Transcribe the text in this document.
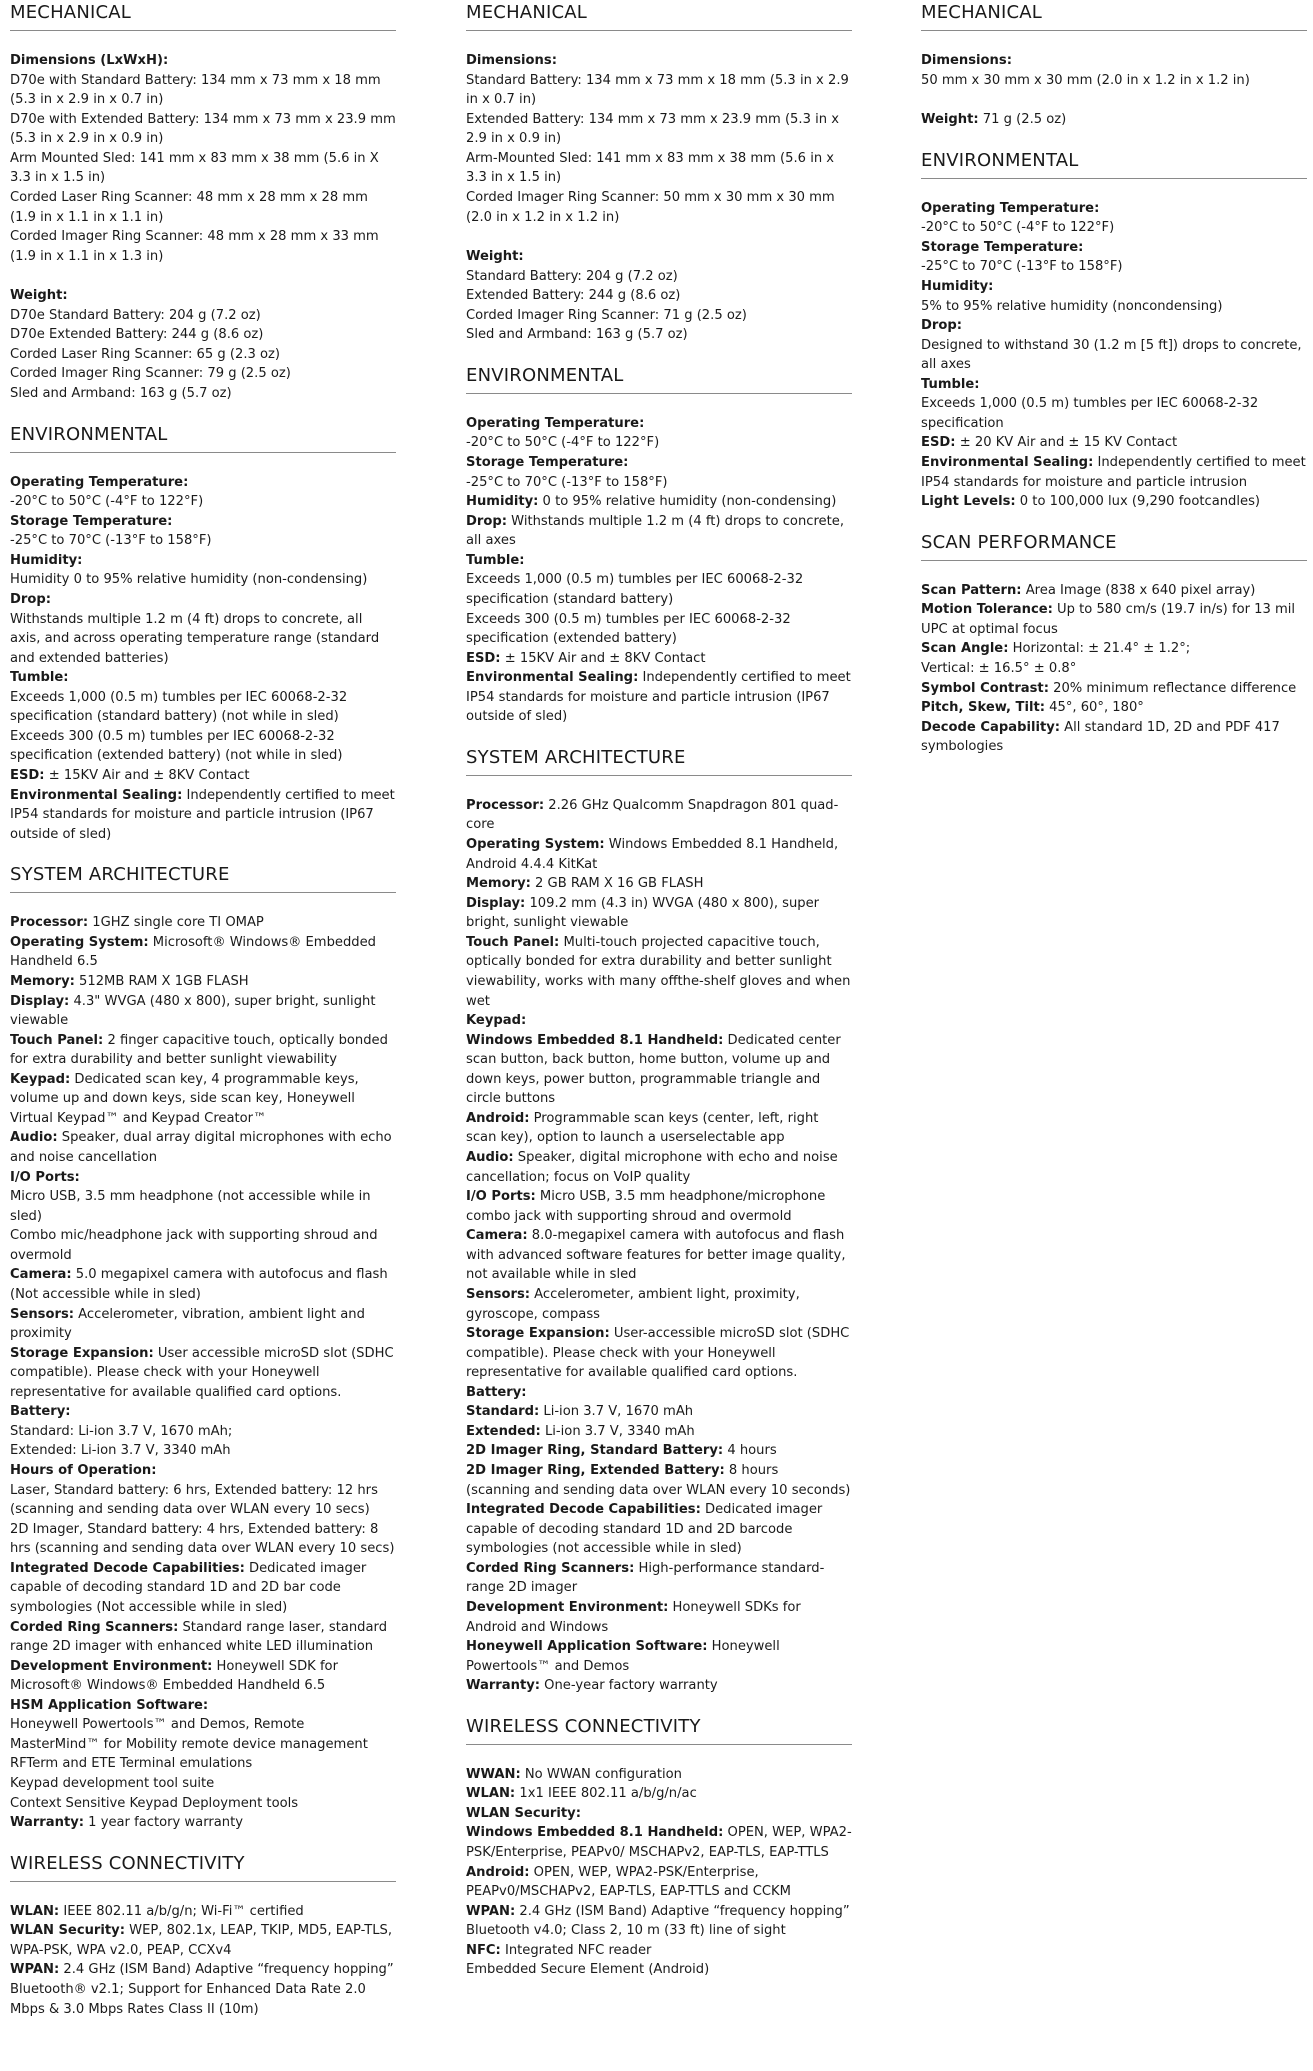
MECHANICAL
Dimensions (LxWxH):
D70e with Standard Battery: 134 mm x 73 mm x 18 mm (5.3 in x 2.9 in x 0.7 in)
D70e with Extended Battery: 134 mm x 73 mm x 23.9 mm (5.3 in x 2.9 in x 0.9 in)
Arm Mounted Sled: 141 mm x 83 mm x 38 mm (5.6 in X 3.3 in x 1.5 in)
Corded Laser Ring Scanner: 48 mm x 28 mm x 28 mm (1.9 in x 1.1 in x 1.1 in)
Corded Imager Ring Scanner: 48 mm x 28 mm x 33 mm (1.9 in x 1.1 in x 1.3 in)
Weight:
D70e Standard Battery: 204 g (7.2 oz)
D70e Extended Battery: 244 g (8.6 oz)
Corded Laser Ring Scanner: 65 g (2.3 oz)
Corded Imager Ring Scanner: 79 g (2.5 oz)
Sled and Armband: 163 g (5.7 oz)
ENVIRONMENTAL
Operating Temperature:
-20°C to 50°C (-4°F to 122°F)
Storage Temperature:
-25°C to 70°C (-13°F to 158°F)
Humidity:
Humidity 0 to 95% relative humidity (non-condensing)
Drop:
Withstands multiple 1.2 m (4 ft) drops to concrete, all axis, and across operating temperature range (standard and extended batteries)
Tumble:
Exceeds 1,000 (0.5 m) tumbles per IEC 60068-2-32 specification (standard battery) (not while in sled)
Exceeds 300 (0.5 m) tumbles per IEC 60068-2-32 specification (extended battery) (not while in sled)
ESD: ± 15KV Air and ± 8KV Contact
Environmental Sealing: Independently certified to meet IP54 standards for moisture and particle intrusion (IP67 outside of sled)
SYSTEM ARCHITECTURE
Processor: 1GHZ single core TI OMAP
Operating System: Microsoft® Windows® Embedded Handheld 6.5
Memory: 512MB RAM X 1GB FLASH
Display: 4.3" WVGA (480 x 800), super bright, sunlight viewable
Touch Panel: 2 finger capacitive touch, optically bonded for extra durability and better sunlight viewability
Keypad: Dedicated scan key, 4 programmable keys, volume up and down keys, side scan key, Honeywell Virtual Keypad™ and Keypad Creator™
Audio: Speaker, dual array digital microphones with echo and noise cancellation
I/O Ports:
Micro USB, 3.5 mm headphone (not accessible while in sled)
Combo mic/headphone jack with supporting shroud and overmold
Camera: 5.0 megapixel camera with autofocus and flash (Not accessible while in sled)
Sensors: Accelerometer, vibration, ambient light and proximity
Storage Expansion: User accessible microSD slot (SDHC compatible). Please check with your Honeywell representative for available qualified card options.
Battery:
Standard: Li-ion 3.7 V, 1670 mAh;
Extended: Li-ion 3.7 V, 3340 mAh
Hours of Operation:
Laser, Standard battery: 6 hrs, Extended battery: 12 hrs (scanning and sending data over WLAN every 10 secs)
2D Imager, Standard battery: 4 hrs, Extended battery: 8 hrs (scanning and sending data over WLAN every 10 secs)
Integrated Decode Capabilities: Dedicated imager capable of decoding standard 1D and 2D bar code symbologies (Not accessible while in sled)
Corded Ring Scanners: Standard range laser, standard range 2D imager with enhanced white LED illumination
Development Environment: Honeywell SDK for Microsoft® Windows® Embedded Handheld 6.5
HSM Application Software:
Honeywell Powertools™ and Demos, Remote MasterMind™ for Mobility remote device management
RFTerm and ETE Terminal emulations
Keypad development tool suite
Context Sensitive Keypad Deployment tools
Warranty: 1 year factory warranty
WIRELESS CONNECTIVITY
WLAN: IEEE 802.11 a/b/g/n; Wi-Fi™ certified
WLAN Security: WEP, 802.1x, LEAP, TKIP, MD5, EAP-TLS, WPA-PSK, WPA v2.0, PEAP, CCXv4
WPAN: 2.4 GHz (ISM Band) Adaptive “frequency hopping” Bluetooth® v2.1; Support for Enhanced Data Rate 2.0 Mbps & 3.0 Mbps Rates Class II (10m)
MECHANICAL
Dimensions:
Standard Battery: 134 mm x 73 mm x 18 mm (5.3 in x 2.9 in x 0.7 in)
Extended Battery: 134 mm x 73 mm x 23.9 mm (5.3 in x 2.9 in x 0.9 in)
Arm-Mounted Sled: 141 mm x 83 mm x 38 mm (5.6 in x 3.3 in x 1.5 in)
Corded Imager Ring Scanner: 50 mm x 30 mm x 30 mm (2.0 in x 1.2 in x 1.2 in)
Weight:
Standard Battery: 204 g (7.2 oz)
Extended Battery: 244 g (8.6 oz)
Corded Imager Ring Scanner: 71 g (2.5 oz)
Sled and Armband: 163 g (5.7 oz)
ENVIRONMENTAL
Operating Temperature:
-20°C to 50°C (-4°F to 122°F)
Storage Temperature:
-25°C to 70°C (-13°F to 158°F)
Humidity: 0 to 95% relative humidity (non-condensing)
Drop: Withstands multiple 1.2 m (4 ft) drops to concrete, all axes
Tumble:
Exceeds 1,000 (0.5 m) tumbles per IEC 60068-2-32 specification (standard battery)
Exceeds 300 (0.5 m) tumbles per IEC 60068-2-32 specification (extended battery)
ESD: ± 15KV Air and ± 8KV Contact
Environmental Sealing: Independently certified to meet IP54 standards for moisture and particle intrusion (IP67 outside of sled)
SYSTEM ARCHITECTURE
Processor: 2.26 GHz Qualcomm Snapdragon 801 quad-core
Operating System: Windows Embedded 8.1 Handheld, Android 4.4.4 KitKat
Memory: 2 GB RAM X 16 GB FLASH
Display: 109.2 mm (4.3 in) WVGA (480 x 800), super bright, sunlight viewable
Touch Panel: Multi-touch projected capacitive touch, optically bonded for extra durability and better sunlight viewability, works with many offthe-shelf gloves and when wet
Keypad:
Windows Embedded 8.1 Handheld: Dedicated center scan button, back button, home button, volume up and down keys, power button, programmable triangle and circle buttons
Android: Programmable scan keys (center, left, right scan key), option to launch a userselectable app
Audio: Speaker, digital microphone with echo and noise cancellation; focus on VoIP quality
I/O Ports: Micro USB, 3.5 mm headphone/microphone combo jack with supporting shroud and overmold
Camera: 8.0-megapixel camera with autofocus and flash with advanced software features for better image quality, not available while in sled
Sensors: Accelerometer, ambient light, proximity, gyroscope, compass
Storage Expansion: User-accessible microSD slot (SDHC compatible). Please check with your Honeywell representative for available qualified card options.
Battery:
Standard: Li-ion 3.7 V, 1670 mAh
Extended: Li-ion 3.7 V, 3340 mAh
2D Imager Ring, Standard Battery: 4 hours
2D Imager Ring, Extended Battery: 8 hours
(scanning and sending data over WLAN every 10 seconds)
Integrated Decode Capabilities: Dedicated imager capable of decoding standard 1D and 2D barcode symbologies (not accessible while in sled)
Corded Ring Scanners: High-performance standard-range 2D imager
Development Environment: Honeywell SDKs for Android and Windows
Honeywell Application Software: Honeywell Powertools™ and Demos
Warranty: One-year factory warranty
WIRELESS CONNECTIVITY
WWAN: No WWAN configuration
WLAN: 1x1 IEEE 802.11 a/b/g/n/ac
WLAN Security:
Windows Embedded 8.1 Handheld: OPEN, WEP, WPA2-PSK/Enterprise, PEAPv0/ MSCHAPv2, EAP-TLS, EAP-TTLS
Android: OPEN, WEP, WPA2-PSK/Enterprise, PEAPv0/MSCHAPv2, EAP-TLS, EAP-TTLS and CCKM
WPAN: 2.4 GHz (ISM Band) Adaptive “frequency hopping” Bluetooth v4.0; Class 2, 10 m (33 ft) line of sight
NFC: Integrated NFC reader
Embedded Secure Element (Android)
MECHANICAL
Dimensions:
50 mm x 30 mm x 30 mm (2.0 in x 1.2 in x 1.2 in)
Weight: 71 g (2.5 oz)
ENVIRONMENTAL
Operating Temperature:
-20°C to 50°C (-4°F to 122°F)
Storage Temperature:
-25°C to 70°C (-13°F to 158°F)
Humidity:
5% to 95% relative humidity (noncondensing)
Drop:
Designed to withstand 30 (1.2 m [5 ft]) drops to concrete, all axes
Tumble:
Exceeds 1,000 (0.5 m) tumbles per IEC 60068-2-32 specification
ESD: ± 20 KV Air and ± 15 KV Contact
Environmental Sealing: Independently certified to meet IP54 standards for moisture and particle intrusion
Light Levels: 0 to 100,000 lux (9,290 footcandles)
SCAN PERFORMANCE
Scan Pattern: Area Image (838 x 640 pixel array)
Motion Tolerance: Up to 580 cm/s (19.7 in/s) for 13 mil UPC at optimal focus
Scan Angle: Horizontal: ± 21.4° ± 1.2°;
Vertical: ± 16.5° ± 0.8°
Symbol Contrast: 20% minimum reflectance difference
Pitch, Skew, Tilt: 45°, 60°, 180°
Decode Capability: All standard 1D, 2D and PDF 417 symbologies
